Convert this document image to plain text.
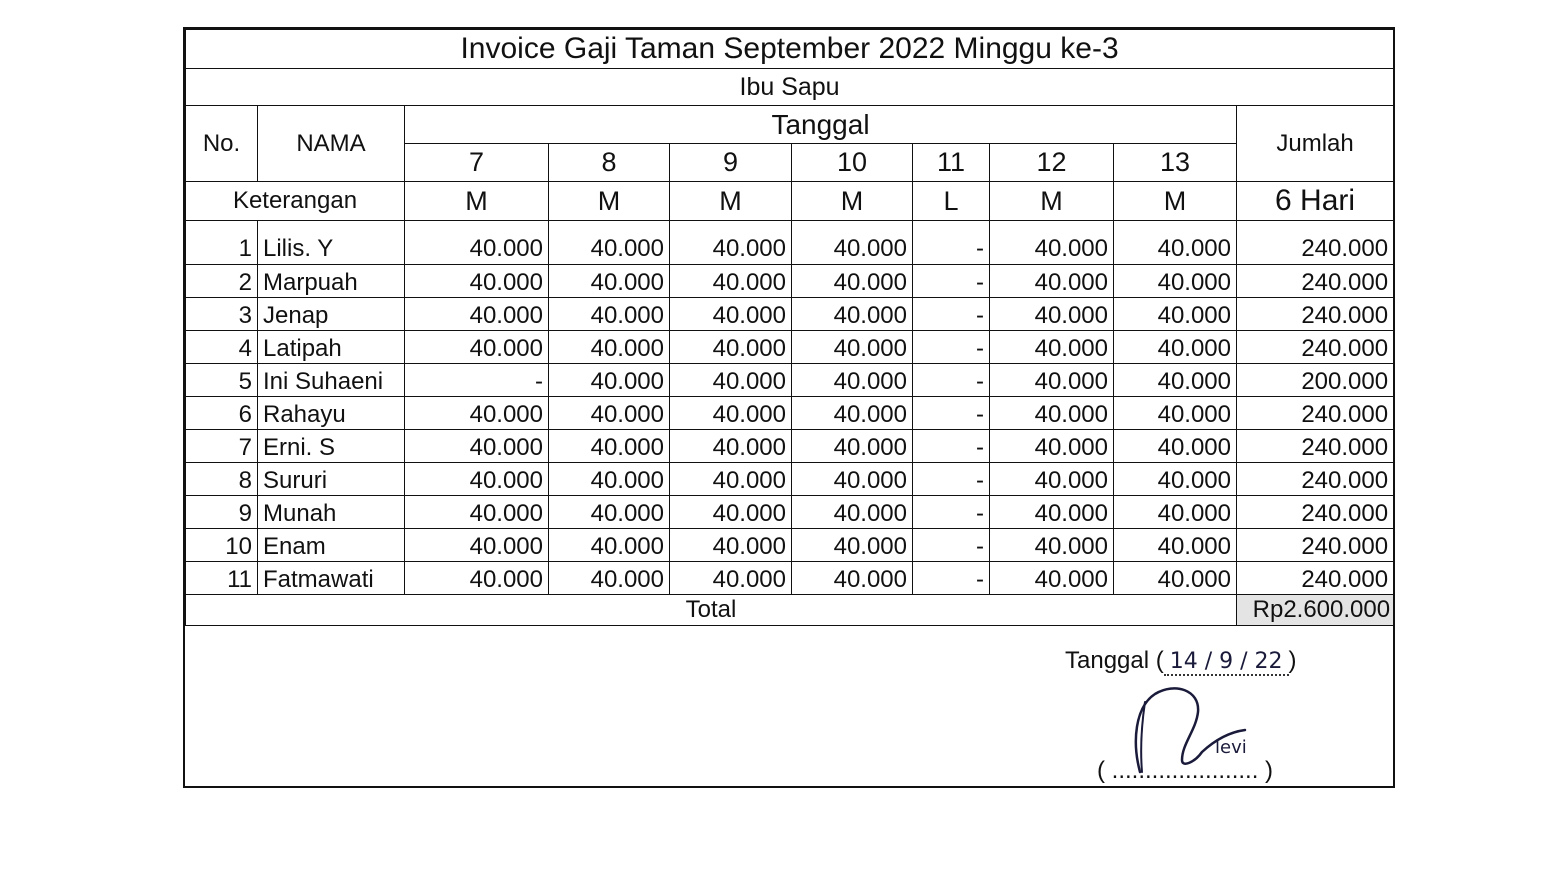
Invoice Gaji Taman September 2022 Minggu ke-3									
Ibu Sapu									
No.	NAMA	Tanggal							Jumlah
		7	8	9	10	11	12	13	
Keterangan		M	M	M	M	L	M	M	6 Hari
1	Lilis. Y	40.000	40.000	40.000	40.000	-	40.000	40.000	240.000
2	Marpuah	40.000	40.000	40.000	40.000	-	40.000	40.000	240.000
3	Jenap	40.000	40.000	40.000	40.000	-	40.000	40.000	240.000
4	Latipah	40.000	40.000	40.000	40.000	-	40.000	40.000	240.000
5	Ini Suhaeni	-	40.000	40.000	40.000	-	40.000	40.000	200.000
6	Rahayu	40.000	40.000	40.000	40.000	-	40.000	40.000	240.000
7	Erni. S	40.000	40.000	40.000	40.000	-	40.000	40.000	240.000
8	Sururi	40.000	40.000	40.000	40.000	-	40.000	40.000	240.000
9	Munah	40.000	40.000	40.000	40.000	-	40.000	40.000	240.000
10	Enam	40.000	40.000	40.000	40.000	-	40.000	40.000	240.000
11	Fatmawati	40.000	40.000	40.000	40.000	-	40.000	40.000	240.000
Total									Rp2.600.000
Tanggal ( 14 / 9 / 22 )
levi
( ...................... )
